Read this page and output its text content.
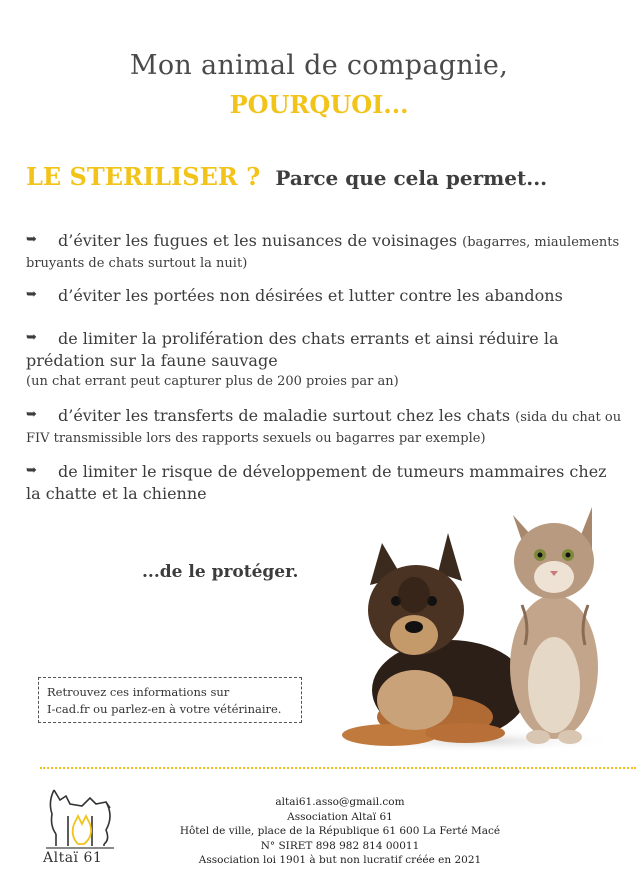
Mon animal de compagnie,
POURQUOI...
LE STERILISER ? Parce que cela permet...
➥ d’éviter les fugues et les nuisances de voisinages (bagarres, miaulements bruyants de chats surtout la nuit)
➥ d’éviter les portées non désirées et lutter contre les abandons
➥ de limiter la prolifération des chats errants et ainsi réduire la prédation sur la faune sauvage
(un chat errant peut capturer plus de 200 proies par an)
➥ d’éviter les transferts de maladie surtout chez les chats (sida du chat ou FIV transmissible lors des rapports sexuels ou bagarres par exemple)
➥ de limiter le risque de développement de tumeurs mammaires chez la chatte et la chienne
...de le protéger.
Retrouvez ces informations sur
I-cad.fr ou parlez-en à votre vétérinaire.
Altaï 61
altai61.asso@gmail.com
Association Altaï 61
Hôtel de ville, place de la République 61 600 La Ferté Macé
N° SIRET 898 982 814 00011
Association loi 1901 à but non lucratif créée en 2021
